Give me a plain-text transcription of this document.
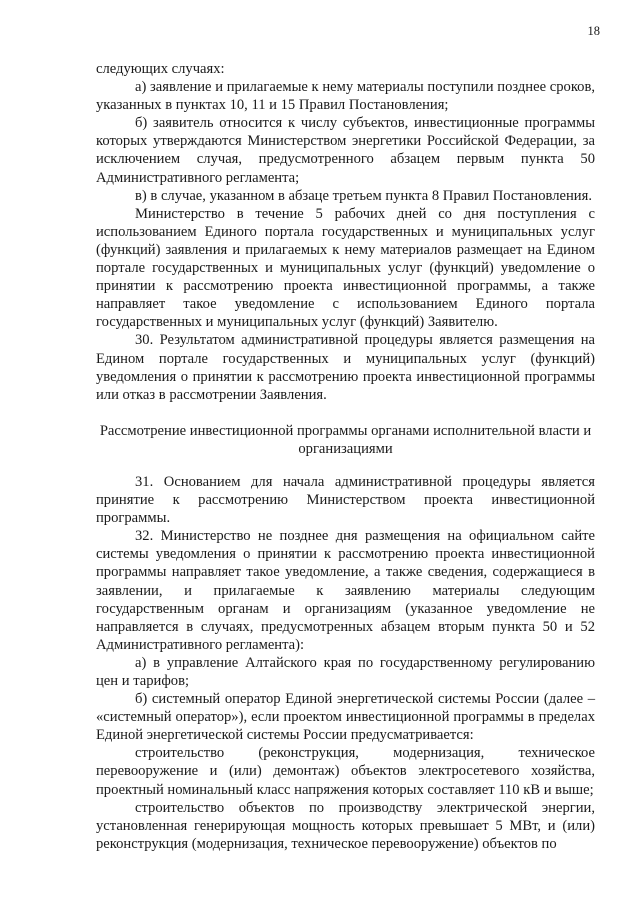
18

следующих случаях:

а) заявление и прилагаемые к нему материалы поступили позднее сроков, указанных в пунктах 10, 11 и 15 Правил Постановления;

б) заявитель относится к числу субъектов, инвестиционные программы которых утверждаются Министерством энергетики Российской Федерации, за исключением случая, предусмотренного абзацем первым пункта 50 Административного регламента;

в) в случае, указанном в абзаце третьем пункта 8 Правил Постановления.

Министерство в течение 5 рабочих дней со дня поступления с использованием Единого портала государственных и муниципальных услуг (функций) заявления и прилагаемых к нему материалов размещает на Едином портале государственных и муниципальных услуг (функций) уведомление о принятии к рассмотрению проекта инвестиционной программы, а также направляет такое уведомление с использованием Единого портала государственных и муниципальных услуг (функций) Заявителю.

30. Результатом административной процедуры является размещения на Едином портале государственных и муниципальных услуг (функций) уведомления о принятии к рассмотрению проекта инвестиционной программы или отказ в рассмотрении Заявления.

Рассмотрение инвестиционной программы органами исполнительной власти и организациями

31. Основанием для начала административной процедуры является принятие к рассмотрению Министерством проекта инвестиционной программы.

32. Министерство не позднее дня размещения на официальном сайте системы уведомления о принятии к рассмотрению проекта инвестиционной программы направляет такое уведомление, а также сведения, содержащиеся в заявлении, и прилагаемые к заявлению материалы следующим государственным органам и организациям (указанное уведомление не направляется в случаях, предусмотренных абзацем вторым пункта 50 и 52 Административного регламента):

а) в управление Алтайского края по государственному регулированию цен и тарифов;

б) системный оператор Единой энергетической системы России (далее – «системный оператор»), если проектом инвестиционной программы в пределах Единой энергетической системы России предусматривается:

строительство (реконструкция, модернизация, техническое перевооружение и (или) демонтаж) объектов электросетевого хозяйства, проектный номинальный класс напряжения которых составляет 110 кВ и выше;

строительство объектов по производству электрической энергии, установленная генерирующая мощность которых превышает 5 МВт, и (или) реконструкция (модернизация, техническое перевооружение) объектов по
